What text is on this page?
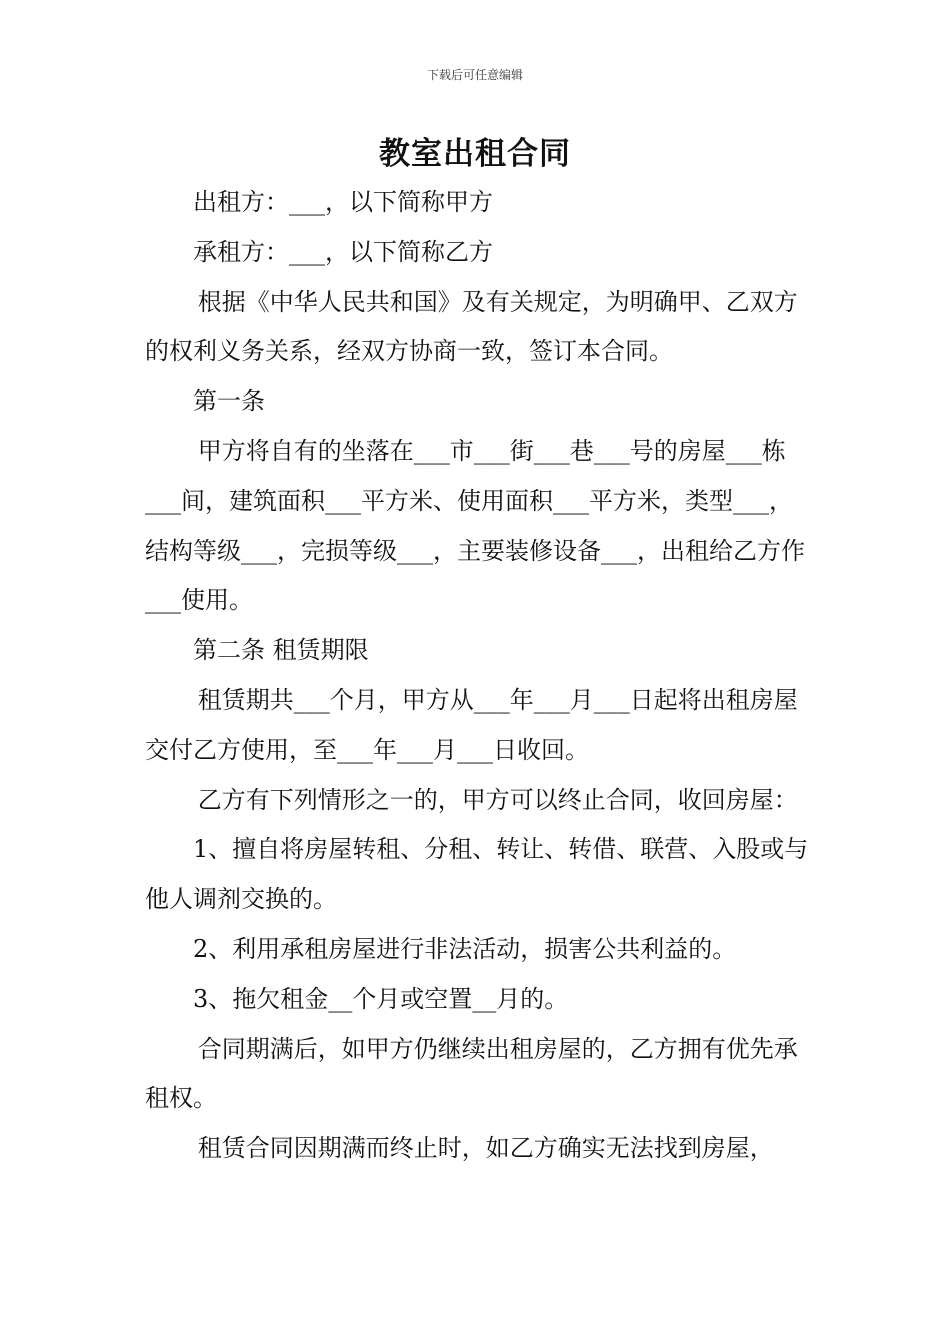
下载后可任意编辑
教室出租合同

出租方：___，以下简称甲方

承租方：___，以下简称乙方

根据《中华人民共和国》及有关规定，为明确甲、乙双方的权利义务关系，经双方协商一致，签订本合同。

第一条

甲方将自有的坐落在___市___街___巷___号的房屋___栋___间，建筑面积___平方米、使用面积___平方米，类型___，结构等级___，完损等级___，主要装修设备___，出租给乙方作___使用。

第二条 租赁期限

租赁期共___个月，甲方从___年___月___日起将出租房屋交付乙方使用，至___年___月___日收回。

乙方有下列情形之一的，甲方可以终止合同，收回房屋：

1、擅自将房屋转租、分租、转让、转借、联营、入股或与他人调剂交换的。

2、利用承租房屋进行非法活动，损害公共利益的。

3、拖欠租金__个月或空置__月的。

合同期满后，如甲方仍继续出租房屋的，乙方拥有优先承租权。

租赁合同因期满而终止时，如乙方确实无法找到房屋，
